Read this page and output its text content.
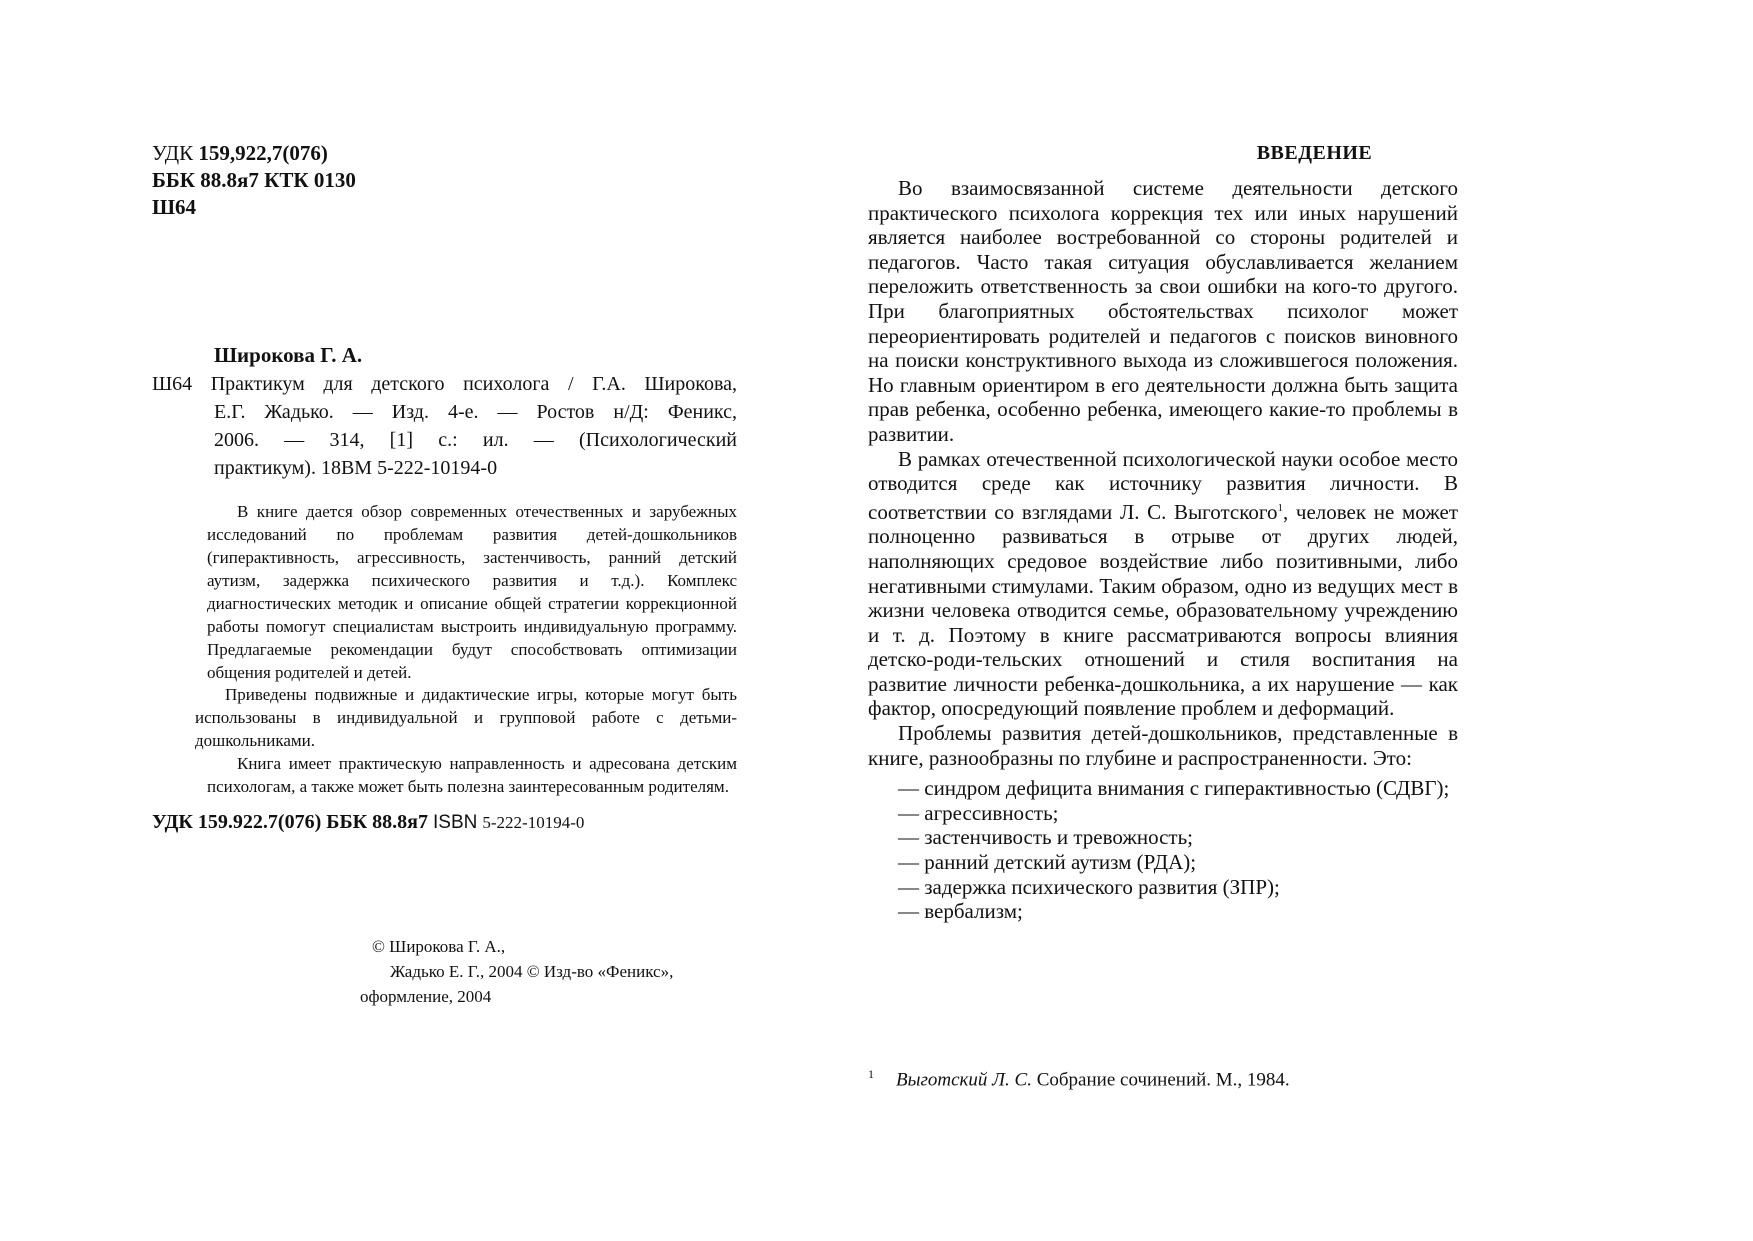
УДК 159,922,7(076)
ББК 88.8я7 КТК 0130
Ш64
Широкова Г. А.
Ш64 Практикум для детского психолога / Г.А. Широкова,
Е.Г. Жадько. — Изд. 4-е. — Ростов н/Д: Феникс,
2006. — 314, [1] с.: ил. — (Психологический
практикум). 18BM 5-222-10194-0

В книге дается обзор современных отечественных и зарубежных исследований по проблемам развития детей-дошкольников (гиперактивность, агрессивность, застенчивость, ранний детский аутизм, задержка психического развития и т.д.). Комплекс диагностических методик и описание общей стратегии коррекционной работы помогут специалистам выстроить индивидуальную программу. Предлагаемые рекомендации будут способствовать оптимизации общения родителей и детей.

Приведены подвижные и дидактические игры, которые могут быть использованы в индивидуальной и групповой работе с детьми-дошкольниками.

Книга имеет практическую направленность и адресована детским психологам, а также может быть полезна заинтересованным родителям.

УДК 159.922.7(076) ББК 88.8я7 ISBN 5-222-10194-0
© Широкова Г. А.,
Жадько Е. Г., 2004 © Изд-во «Феникс»,
оформление, 2004
ВВЕДЕНИЕ

Во взаимосвязанной системе деятельности детского практического психолога коррекция тех или иных нарушений является наиболее востребованной со стороны родителей и педагогов. Часто такая ситуация обуславливается желанием переложить ответственность за свои ошибки на кого-то другого. При благоприятных обстоятельствах психолог может переориентировать родителей и педагогов с поисков виновного на поиски конструктивного выхода из сложившегося положения. Но главным ориентиром в его деятельности должна быть защита прав ребенка, особенно ребенка, имеющего какие-то проблемы в развитии.

В рамках отечественной психологической науки особое место отводится среде как источнику развития личности. В соответствии со взглядами Л. С. Выготского$^1$, человек не может полноценно развиваться в отрыве от других людей, наполняющих средовое воздействие либо позитивными, либо негативными стимулами. Таким образом, одно из ведущих мест в жизни человека отводится семье, образовательному учреждению и т. д. Поэтому в книге рассматриваются вопросы влияния детско-роди-тельских отношений и стиля воспитания на развитие личности ребенка-дошкольника, а их нарушение — как фактор, опосредующий появление проблем и деформаций.

Проблемы развития детей-дошкольников, представленные в книге, разнообразны по глубине и распространенности. Это:

— синдром дефицита внимания с гиперактивностью (СДВГ);
— агрессивность;
— застенчивость и тревожность;
— ранний детский аутизм (РДА);
— задержка психического развития (ЗПР);
— вербализм;
$^1$ Выготский Л. С. Собрание сочинений. М., 1984.
